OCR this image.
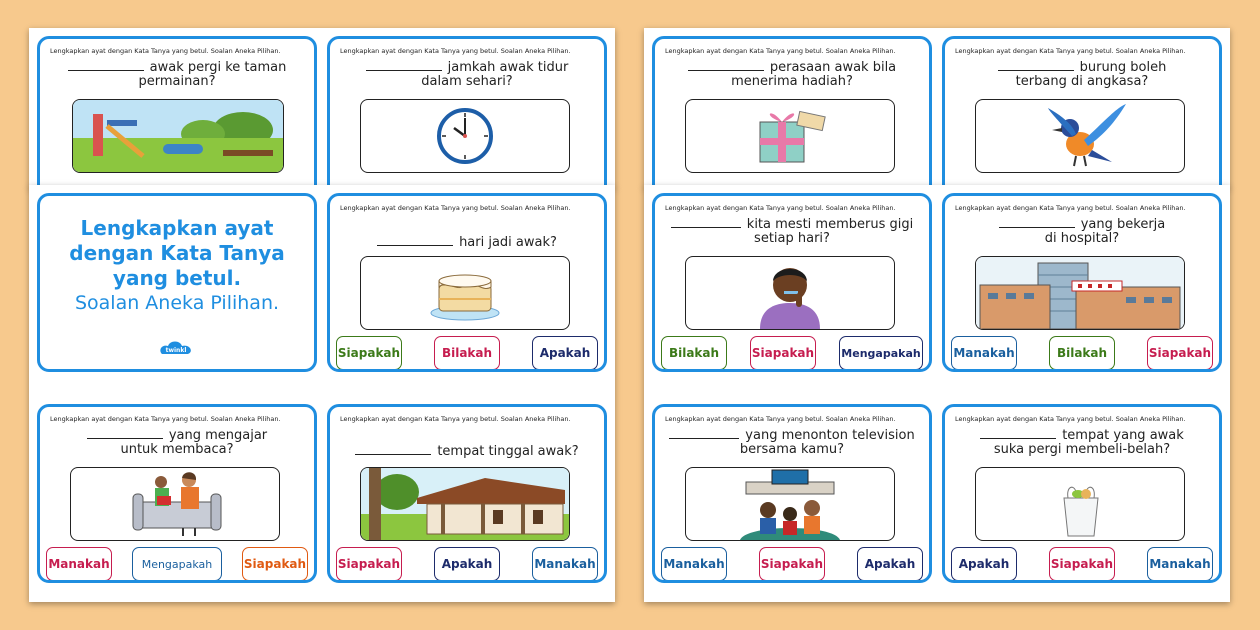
Lengkapkan ayat dengan Kata Tanya yang betul. Soalan Aneka Pilihan.
awak pergi ke taman
permainan?
Lengkapkan ayat dengan Kata Tanya yang betul. Soalan Aneka Pilihan.
jamkah awak tidur
dalam sehari?
Lengkapkan ayat dengan Kata Tanya yang betul. Soalan Aneka Pilihan.
perasaan awak bila
menerima hadiah?
Lengkapkan ayat dengan Kata Tanya yang betul. Soalan Aneka Pilihan.
burung boleh
terbang di angkasa?
Lengkapkan ayat
dengan Kata Tanya
yang betul.
Soalan Aneka Pilihan.
twinkl
Lengkapkan ayat dengan Kata Tanya yang betul. Soalan Aneka Pilihan.
hari jadi awak?
Siapakah	Bilakah	Apakah
Lengkapkan ayat dengan Kata Tanya yang betul. Soalan Aneka Pilihan.
yang mengajar
untuk membaca?
Manakah	Mengapakah	Siapakah
Lengkapkan ayat dengan Kata Tanya yang betul. Soalan Aneka Pilihan.
tempat tinggal awak?
Siapakah	Apakah	Manakah
Lengkapkan ayat dengan Kata Tanya yang betul. Soalan Aneka Pilihan.
kita mesti memberus gigi
setiap hari?
Bilakah	Siapakah Mengapakah
Lengkapkan ayat dengan Kata Tanya yang betul. Soalan Aneka Pilihan.
yang bekerja
di hospital?
Manakah	Bilakah	Siapakah
Lengkapkan ayat dengan Kata Tanya yang betul. Soalan Aneka Pilihan.
yang menonton television
bersama kamu?
Manakah	Siapakah	Apakah
Lengkapkan ayat dengan Kata Tanya yang betul. Soalan Aneka Pilihan.
tempat yang awak
suka pergi membeli-belah?
Apakah	Siapakah	Manakah
